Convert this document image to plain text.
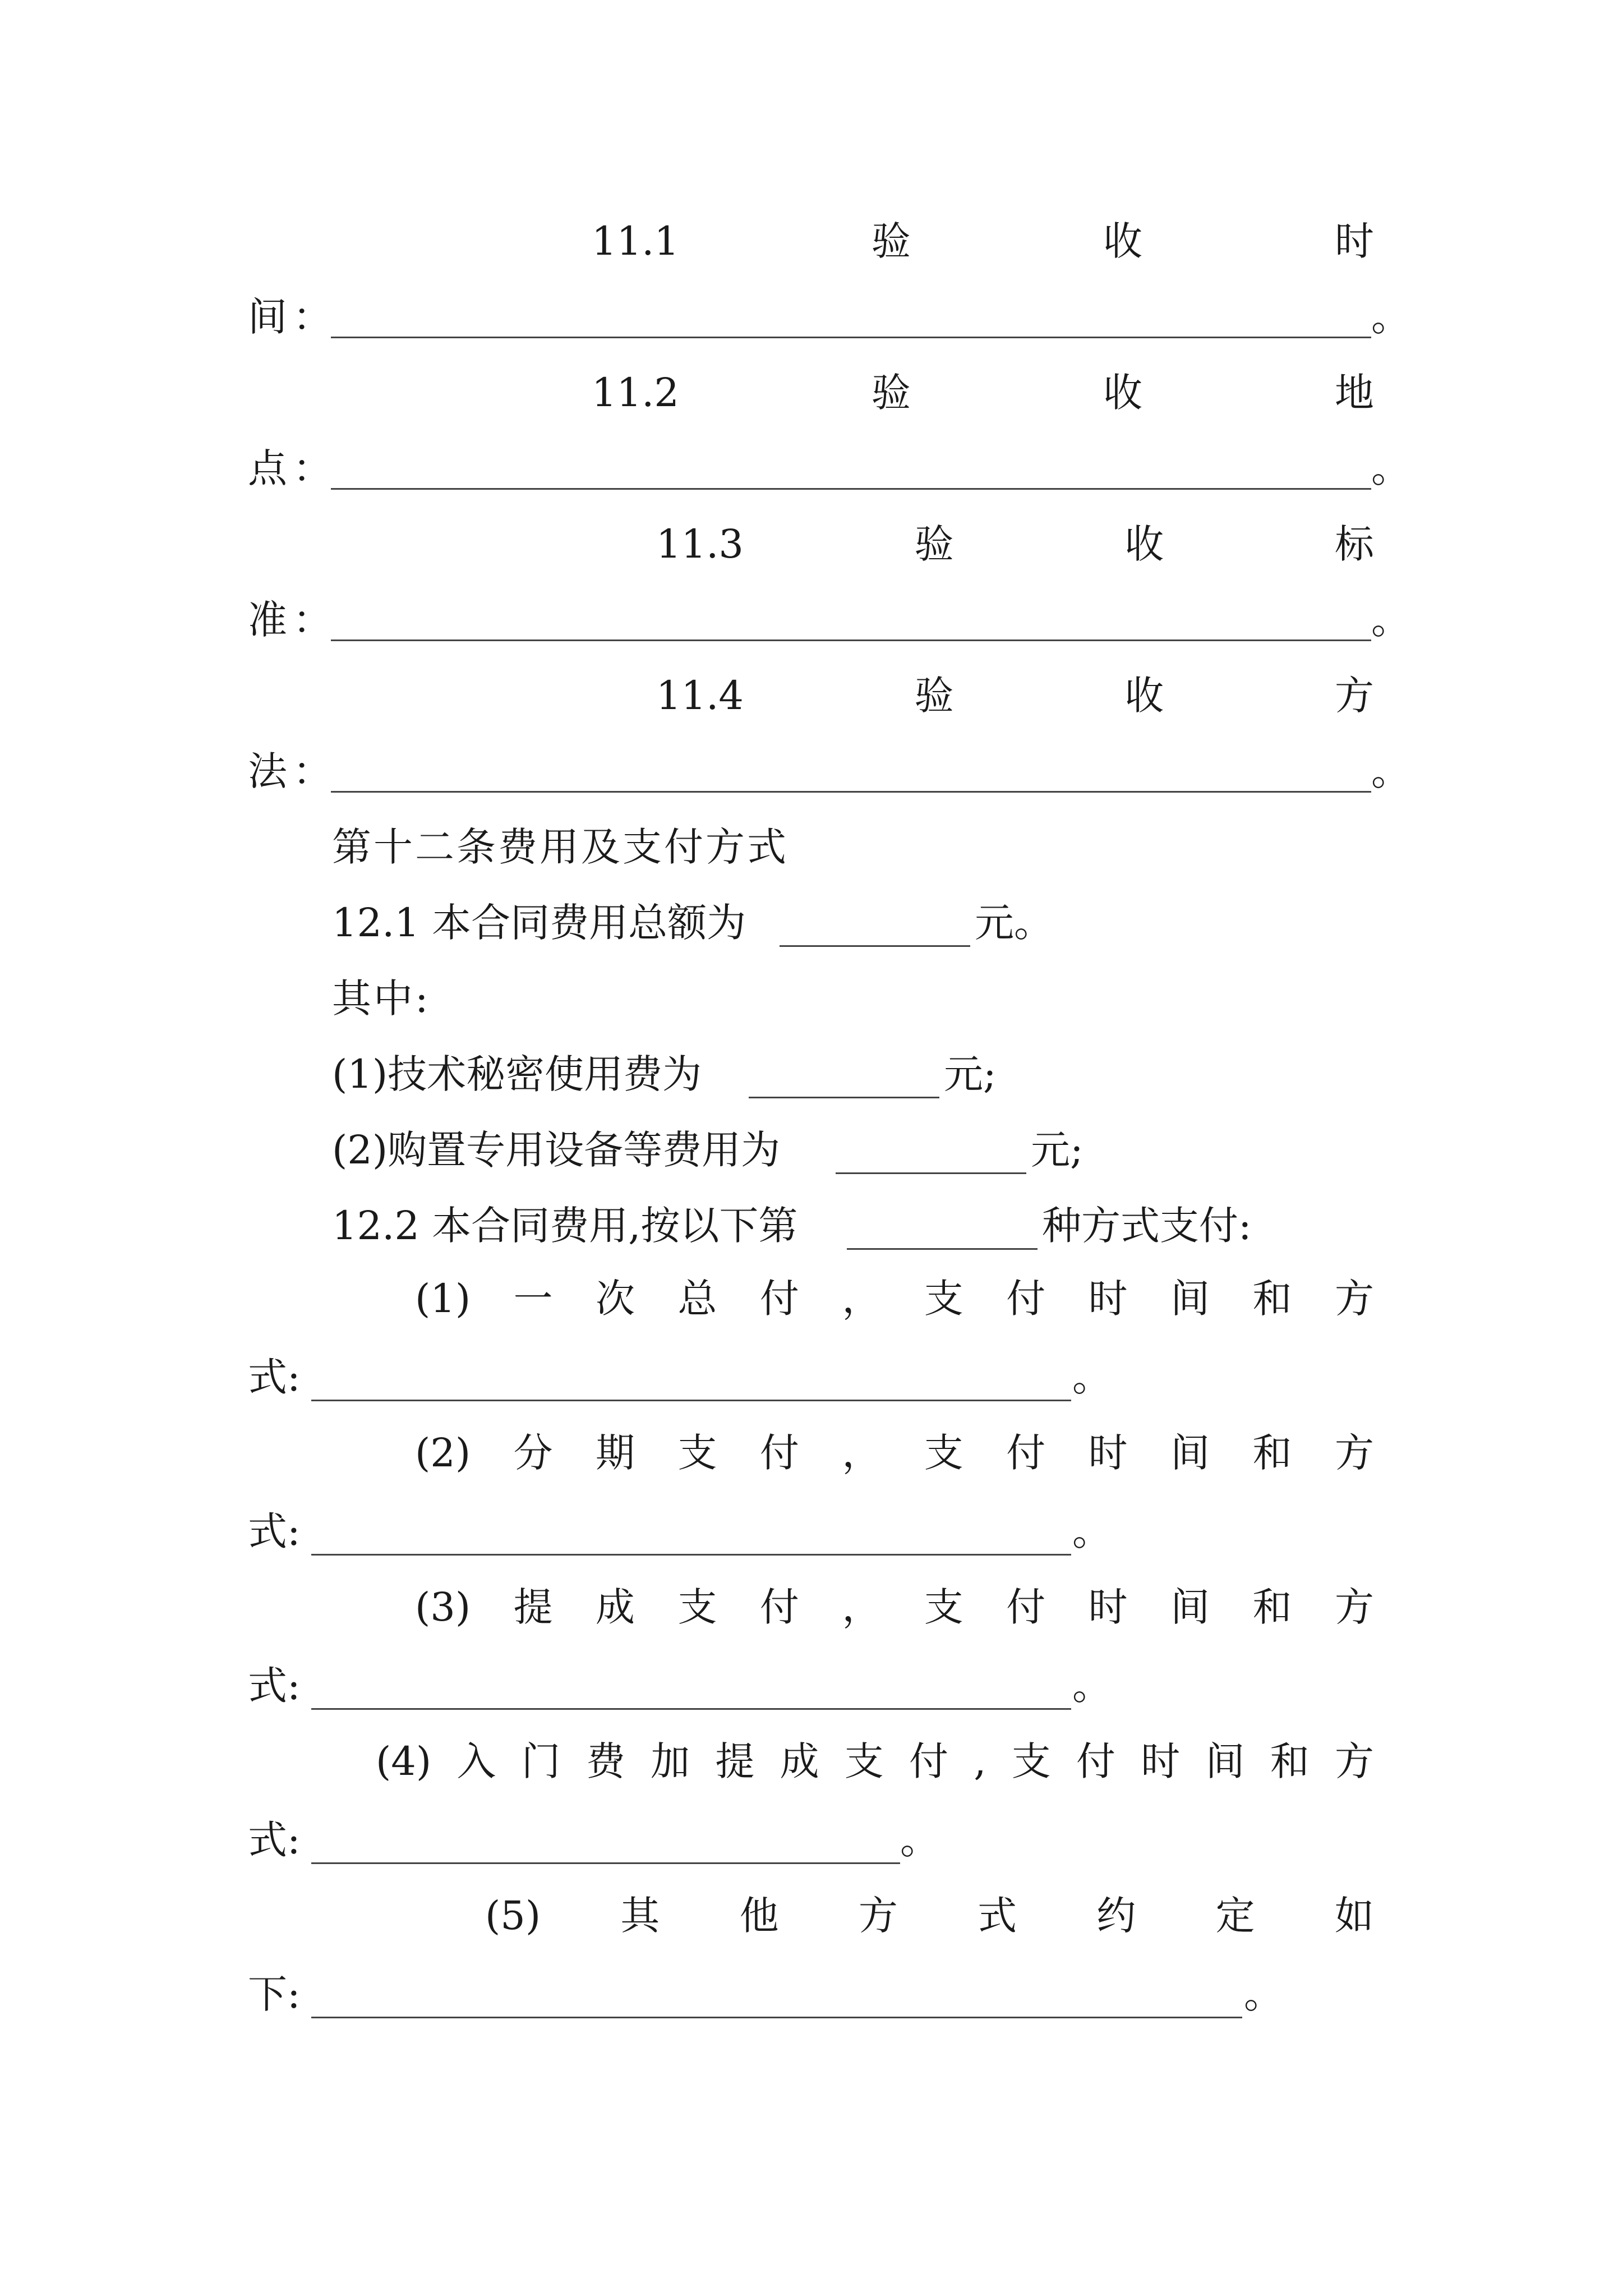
11.1	验	收	时
间 ：	。
11.2	验	收	地
点 ：	。
11.3	验	收	标
准 ：	。
11.4	验	收	方
法 ：	。
第十二条费用及支付方式
12.1 本合同费用总额为	元。
其中:
(1)技术秘密使用费为	元;
(2)购置专用设备等费用为	元;
12.2 本合同费用,按以下第	种方式支付:
(1) 一 次 总 付 ， 支 付 时 间 和 方
式:	。
(2) 分 期 支 付 ， 支 付 时 间 和 方
式:	。
(3) 提 成 支 付 ， 支 付 时 间 和 方
式:	。
(4) 入 门 费 加 提 成 支 付 , 支 付 时 间 和 方
式:	。
(5) 其 他 方 式 约 定 如
下:	。
